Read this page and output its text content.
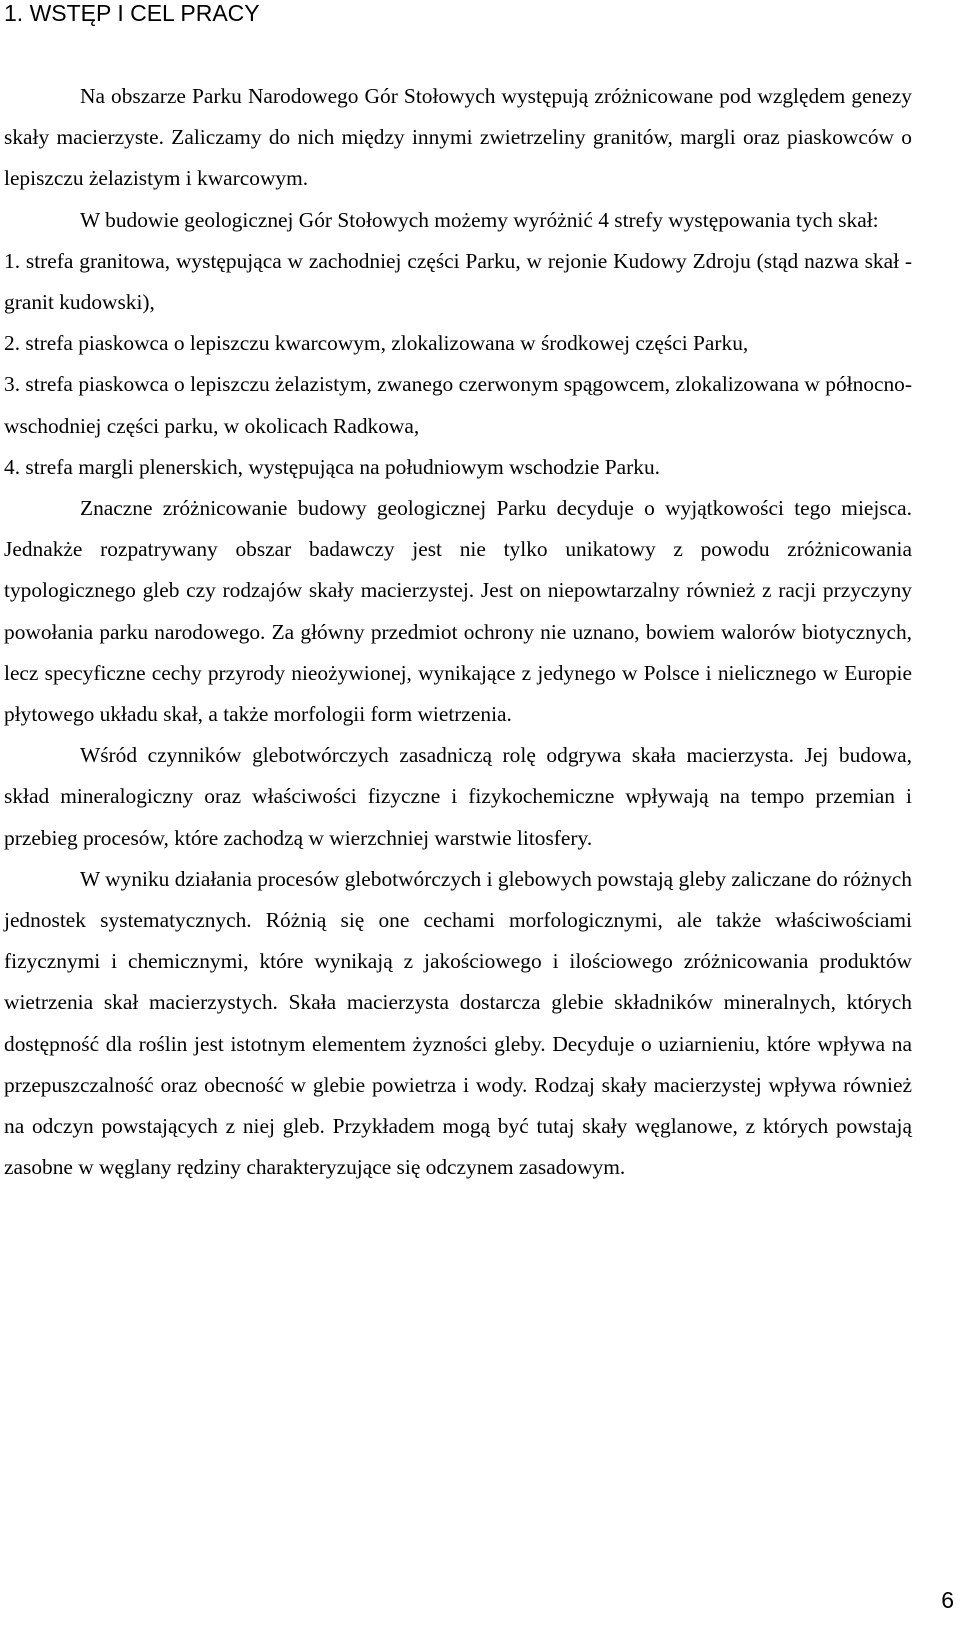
1. WSTĘP I CEL PRACY

Na obszarze Parku Narodowego Gór Stołowych występują zróżnicowane pod względem genezy skały macierzyste. Zaliczamy do nich między innymi zwietrzeliny granitów, margli oraz piaskowców o lepiszczu żelazistym i kwarcowym.

W budowie geologicznej Gór Stołowych możemy wyróżnić 4 strefy występowania tych skał:

1. strefa granitowa, występująca w zachodniej części Parku, w rejonie Kudowy Zdroju (stąd nazwa skał - granit kudowski),

2. strefa piaskowca o lepiszczu kwarcowym, zlokalizowana w środkowej części Parku,

3. strefa piaskowca o lepiszczu żelazistym, zwanego czerwonym spągowcem, zlokalizowana w północno-wschodniej części parku, w okolicach Radkowa,

4. strefa margli plenerskich, występująca na południowym wschodzie Parku.

Znaczne zróżnicowanie budowy geologicznej Parku decyduje o wyjątkowości tego miejsca. Jednakże rozpatrywany obszar badawczy jest nie tylko unikatowy z powodu zróżnicowania typologicznego gleb czy rodzajów skały macierzystej. Jest on niepowtarzalny również z racji przyczyny powołania parku narodowego. Za główny przedmiot ochrony nie uznano, bowiem walorów biotycznych, lecz specyficzne cechy przyrody nieożywionej, wynikające z jedynego w Polsce i nielicznego w Europie płytowego układu skał, a także morfologii form wietrzenia.

Wśród czynników glebotwórczych zasadniczą rolę odgrywa skała macierzysta. Jej budowa, skład mineralogiczny oraz właściwości fizyczne i fizykochemiczne wpływają na tempo przemian i przebieg procesów, które zachodzą w wierzchniej warstwie litosfery.

W wyniku działania procesów glebotwórczych i glebowych powstają gleby zaliczane do różnych jednostek systematycznych. Różnią się one cechami morfologicznymi, ale także właściwościami fizycznymi i chemicznymi, które wynikają z jakościowego i ilościowego zróżnicowania produktów wietrzenia skał macierzystych. Skała macierzysta dostarcza glebie składników mineralnych, których dostępność dla roślin jest istotnym elementem żyzności gleby. Decyduje o uziarnieniu, które wpływa na przepuszczalność oraz obecność w glebie powietrza i wody. Rodzaj skały macierzystej wpływa również na odczyn powstających z niej gleb. Przykładem mogą być tutaj skały węglanowe, z których powstają zasobne w węglany rędziny charakteryzujące się odczynem zasadowym.

6
